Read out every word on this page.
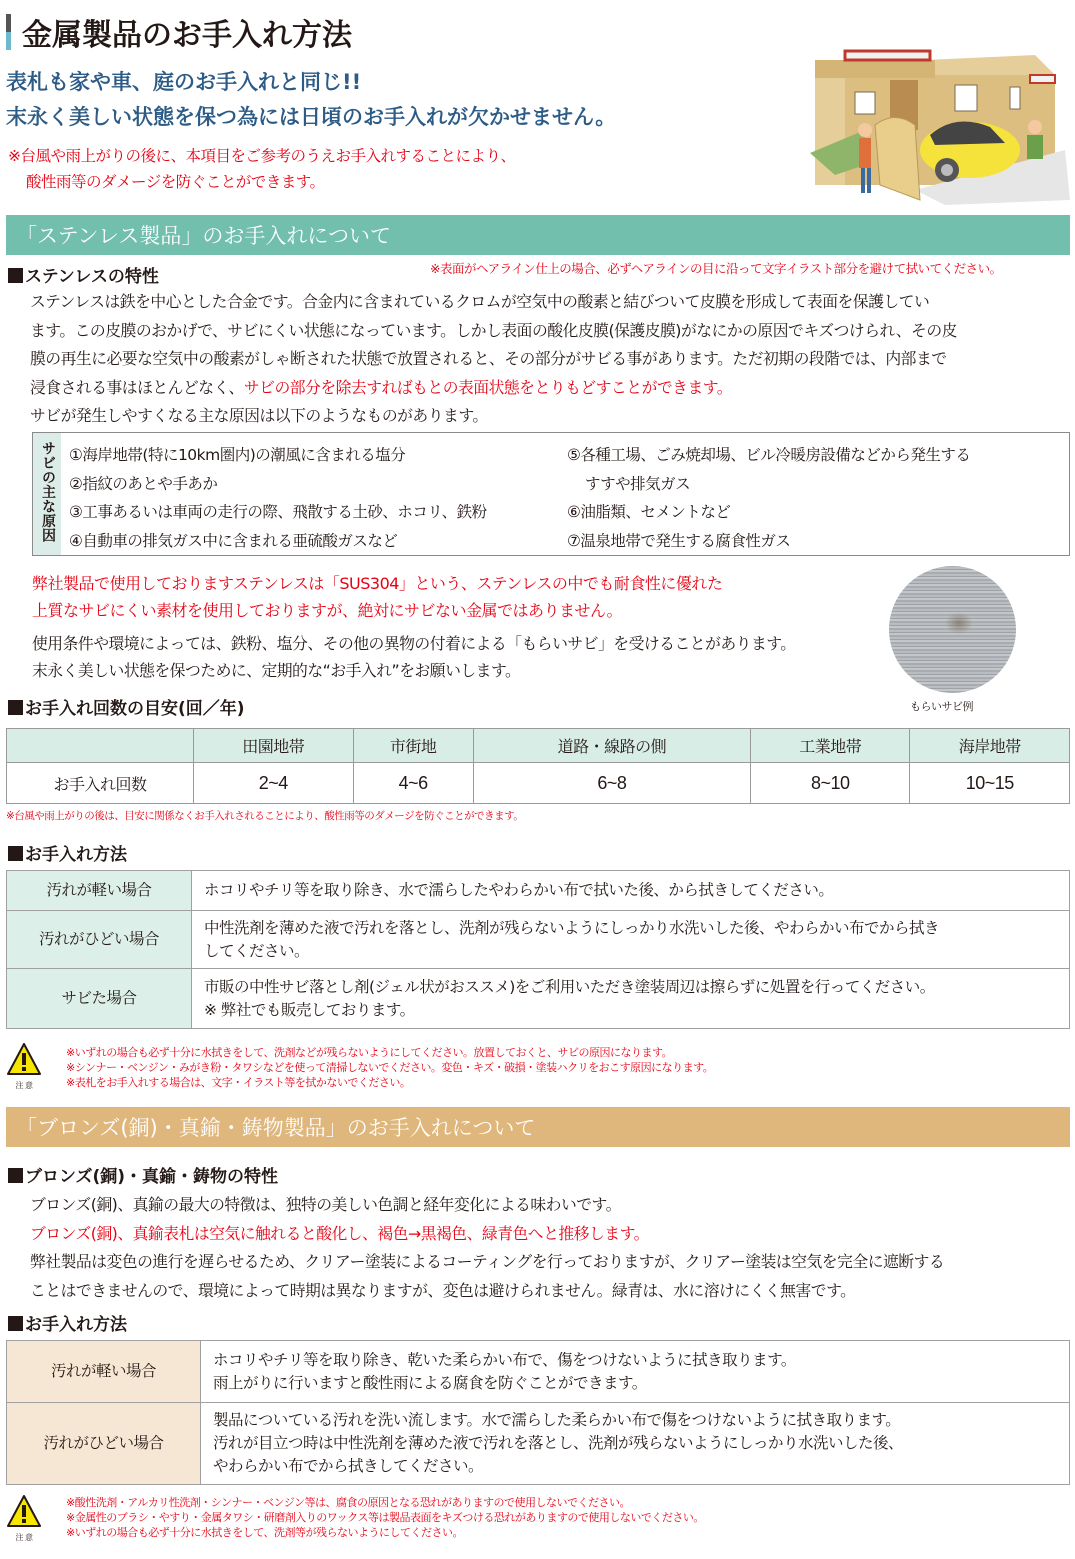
金属製品のお手入れ方法
表札も家や車、庭のお手入れと同じ!!
末永く美しい状態を保つ為には日頃のお手入れが欠かせません。
※台風や雨上がりの後に、本項目をご参考のうえお手入れすることにより、
酸性雨等のダメージを防ぐことができます。
「ステンレス製品」のお手入れについて
ステンレスの特性	※表面がヘアライン仕上の場合、必ずヘアラインの目に沿って文字イラスト部分を避けて拭いてください。

ステンレスは鉄を中心とした合金です。合金内に含まれているクロムが空気中の酸素と結びついて皮膜を形成して表面を保護してい

ます。この皮膜のおかげで、サビにくい状態になっています。しかし表面の酸化皮膜(保護皮膜)がなにかの原因でキズつけられ、その皮

膜の再生に必要な空気中の酸素がしゃ断された状態で放置されると、その部分がサビる事があります。ただ初期の段階では、内部まで

浸食される事はほとんどなく、サビの部分を除去すればもとの表面状態をとりもどすことができます。

サビが発生しやすくなる主な原因は以下のようなものがあります。

サビの主な原因 ①海岸地帯(特に10km圏内)の潮風に含まれる塩分
②指紋のあとや手あか
③工事あるいは車両の走行の際、飛散する土砂、ホコリ、鉄粉
④自動車の排気ガス中に含まれる亜硫酸ガスなど
⑤各種工場、ごみ焼却場、ビル冷暖房設備などから発生する
すすや排気ガス
⑥油脂類、セメントなど
⑦温泉地帯で発生する腐食性ガス
弊社製品で使用しておりますステンレスは「SUS304」という、ステンレスの中でも耐食性に優れた
上質なサビにくい素材を使用しておりますが、絶対にサビない金属ではありません。
使用条件や環境によっては、鉄粉、塩分、その他の異物の付着による「もらいサビ」を受けることがあります。
末永く美しい状態を保つために、定期的な“お手入れ”をお願いします。
もらいサビ例
お手入れ回数の目安(回／年)
	田園地帯	市街地	道路・線路の側	工業地帯	海岸地帯
お手入れ回数	2~4	4~6	6~8	8~10	10~15
※台風や雨上がりの後は、目安に関係なくお手入れされることにより、酸性雨等のダメージを防ぐことができます。
お手入れ方法
汚れが軽い場合	ホコリやチリ等を取り除き、水で濡らしたやわらかい布で拭いた後、から拭きしてください。

汚れがひどい場合	中性洗剤を薄めた液で汚れを落とし、洗剤が残らないようにしっかり水洗いした後、やわらかい布でから拭き
してください。

サビた場合	市販の中性サビ落とし剤(ジェル状がおススメ)をご利用いただき塗装周辺は擦らずに処置を行ってください。
※ 弊社でも販売しております。
注 意
※いずれの場合も必ず十分に水拭きをして、洗剤などが残らないようにしてください。放置しておくと、サビの原因になります。
※シンナー・ベンジン・みがき粉・タワシなどを使って清掃しないでください。変色・キズ・破損・塗装ハクリをおこす原因になります。
※表札をお手入れする場合は、文字・イラスト等を拭かないでください。
「ブロンズ(銅)・真鍮・鋳物製品」のお手入れについて
ブロンズ(銅)・真鍮・鋳物の特性

ブロンズ(銅)、真鍮の最大の特徴は、独特の美しい色調と経年変化による味わいです。

ブロンズ(銅)、真鍮表札は空気に触れると酸化し、褐色→黒褐色、緑青色へと推移します。

弊社製品は変色の進行を遅らせるため、クリアー塗装によるコーティングを行っておりますが、クリアー塗装は空気を完全に遮断する

ことはできませんので、環境によって時期は異なりますが、変色は避けられません。緑青は、水に溶けにくく無害です。

お手入れ方法
汚れが軽い場合	ホコリやチリ等を取り除き、乾いた柔らかい布で、傷をつけないように拭き取ります。
雨上がりに行いますと酸性雨による腐食を防ぐことができます。

汚れがひどい場合	製品についている汚れを洗い流します。水で濡らした柔らかい布で傷をつけないように拭き取ります。
汚れが目立つ時は中性洗剤を薄めた液で汚れを落とし、洗剤が残らないようにしっかり水洗いした後、
やわらかい布でから拭きしてください。
注 意
※酸性洗剤・アルカリ性洗剤・シンナー・ベンジン等は、腐食の原因となる恐れがありますので使用しないでください。
※金属性のブラシ・やすり・金属タワシ・研磨剤入りのワックス等は製品表面をキズつける恐れがありますので使用しないでください。
※いずれの場合も必ず十分に水拭きをして、洗剤等が残らないようにしてください。
